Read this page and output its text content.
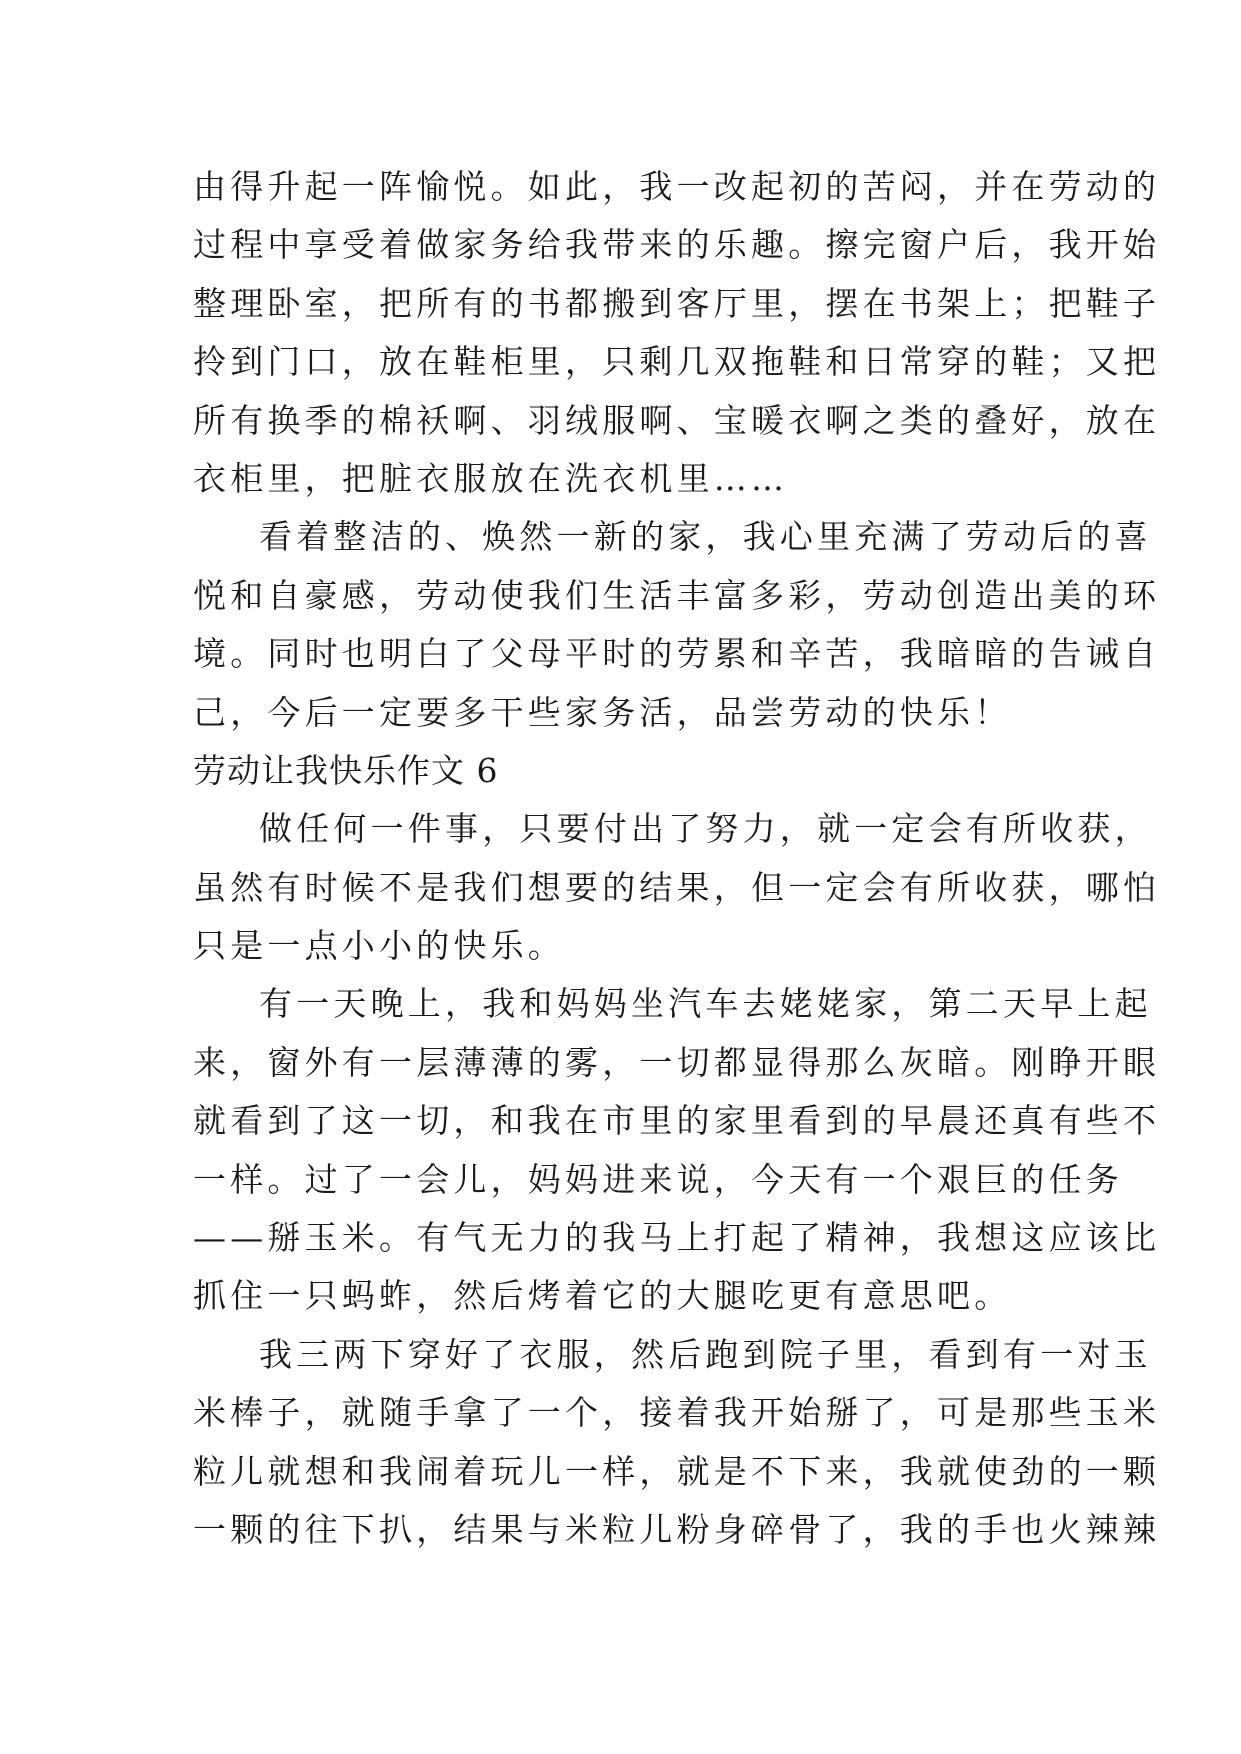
由得升起一阵愉悦。如此，我一改起初的苦闷，并在劳动的
过程中享受着做家务给我带来的乐趣。擦完窗户后，我开始
整理卧室，把所有的书都搬到客厅里，摆在书架上；把鞋子
拎到门口，放在鞋柜里，只剩几双拖鞋和日常穿的鞋；又把
所有换季的棉袄啊、羽绒服啊、宝暖衣啊之类的叠好，放在
衣柜里，把脏衣服放在洗衣机里……
看着整洁的、焕然一新的家，我心里充满了劳动后的喜
悦和自豪感，劳动使我们生活丰富多彩，劳动创造出美的环
境。同时也明白了父母平时的劳累和辛苦，我暗暗的告诫自
己，今后一定要多干些家务活，品尝劳动的快乐！
劳动让我快乐作文 6
做任何一件事，只要付出了努力，就一定会有所收获，
虽然有时候不是我们想要的结果，但一定会有所收获，哪怕
只是一点小小的快乐。
有一天晚上，我和妈妈坐汽车去姥姥家，第二天早上起
来，窗外有一层薄薄的雾，一切都显得那么灰暗。刚睁开眼
就看到了这一切，和我在市里的家里看到的早晨还真有些不
一样。过了一会儿，妈妈进来说，今天有一个艰巨的任务
——掰玉米。有气无力的我马上打起了精神，我想这应该比
抓住一只蚂蚱，然后烤着它的大腿吃更有意思吧。
我三两下穿好了衣服，然后跑到院子里，看到有一对玉
米棒子，就随手拿了一个，接着我开始掰了，可是那些玉米
粒儿就想和我闹着玩儿一样，就是不下来，我就使劲的一颗
一颗的往下扒，结果与米粒儿粉身碎骨了，我的手也火辣辣
